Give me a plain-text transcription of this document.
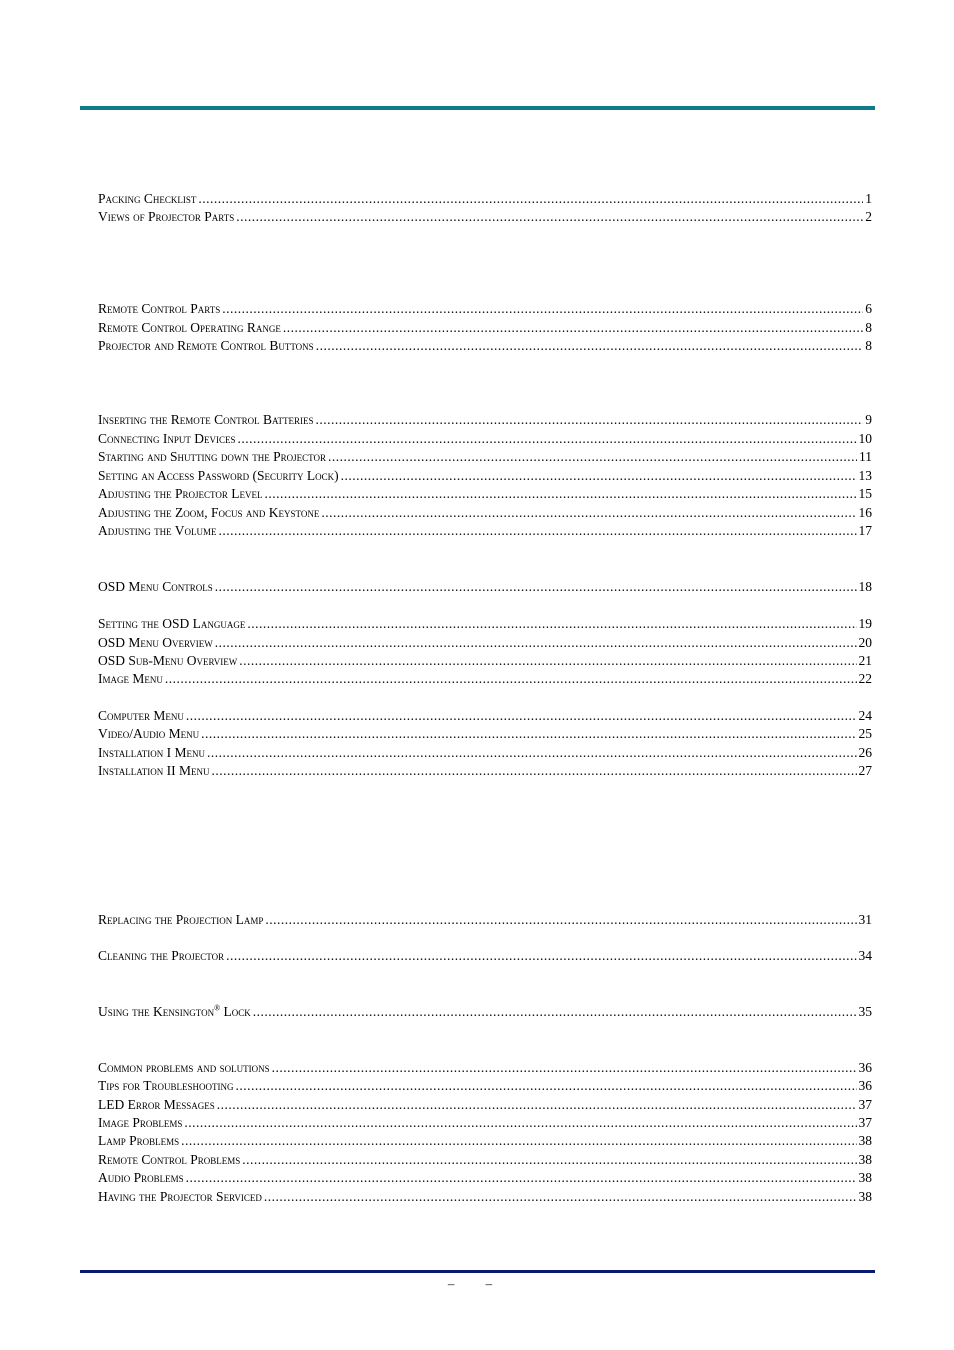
Packing Checklist .....	1
Views of Projector Parts .....	2
Remote Control Parts .....	6
Remote Control Operating Range .....	8
Projector and Remote Control Buttons .....	8
Inserting the Remote Control Batteries .....	9
Connecting Input Devices .....	10
Starting and Shutting down the Projector .....	11
Setting an Access Password (Security Lock) .....	13
Adjusting the Projector Level .....	15
Adjusting the Zoom, Focus and Keystone .....	16
Adjusting the Volume .....	17
OSD Menu Controls .....	18
Setting the OSD Language .....	19
OSD Menu Overview .....	20
OSD Sub-Menu Overview .....	21
Image Menu .....	22
Computer Menu .....	24
Video/Audio Menu .....	25
Installation I Menu .....	26
Installation II Menu .....	27
Replacing the Projection Lamp .....	31
Cleaning the Projector .....	34
Using the Kensington® Lock .....	35
Common problems and solutions .....	36
Tips for Troubleshooting .....	36
LED Error Messages .....	37
Image Problems .....	37
Lamp Problems .....	38
Remote Control Problems .....	38
Audio Problems .....	38
Having the Projector Serviced .....	38
– –
